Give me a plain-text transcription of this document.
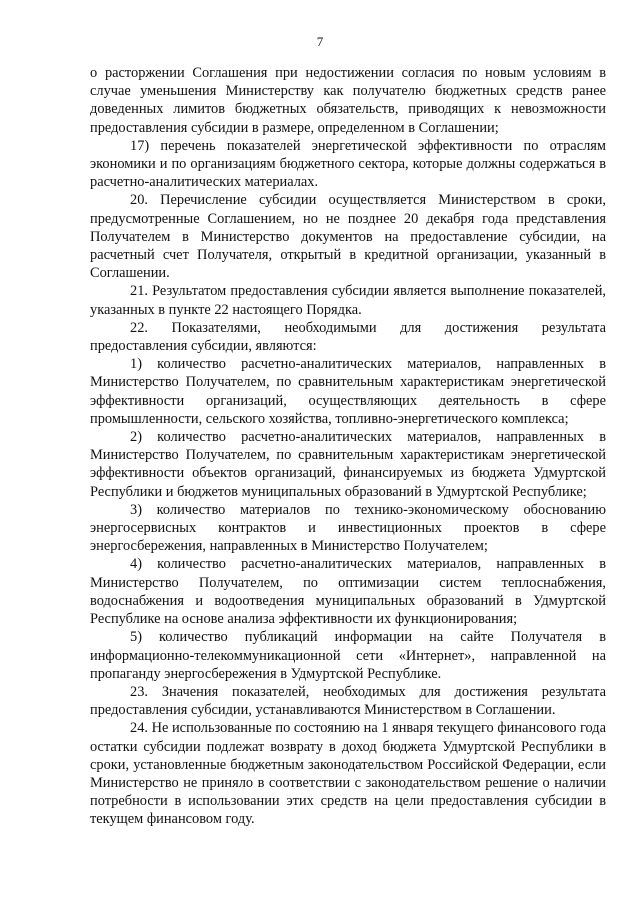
7

о расторжении Соглашения при недостижении согласия по новым условиям в случае уменьшения Министерству как получателю бюджетных средств ранее доведенных лимитов бюджетных обязательств, приводящих к невозможности предоставления субсидии в размере, определенном в Соглашении;

17) перечень показателей энергетической эффективности по отраслям экономики и по организациям бюджетного сектора, которые должны содержаться в расчетно-аналитических материалах.

20. Перечисление субсидии осуществляется Министерством в сроки, предусмотренные Соглашением, но не позднее 20 декабря года представления Получателем в Министерство документов на предоставление субсидии, на расчетный счет Получателя, открытый в кредитной организации, указанный в Соглашении.

21. Результатом предоставления субсидии является выполнение показателей, указанных в пункте 22 настоящего Порядка.

22. Показателями, необходимыми для достижения результата предоставления субсидии, являются:

1) количество расчетно-аналитических материалов, направленных в Министерство Получателем, по сравнительным характеристикам энергетической эффективности организаций, осуществляющих деятельность в сфере промышленности, сельского хозяйства, топливно-энергетического комплекса;

2) количество расчетно-аналитических материалов, направленных в Министерство Получателем, по сравнительным характеристикам энергетической эффективности объектов организаций, финансируемых из бюджета Удмуртской Республики и бюджетов муниципальных образований в Удмуртской Республике;

3) количество материалов по технико-экономическому обоснованию энергосервисных контрактов и инвестиционных проектов в сфере энергосбережения, направленных в Министерство Получателем;

4) количество расчетно-аналитических материалов, направленных в Министерство Получателем, по оптимизации систем теплоснабжения, водоснабжения и водоотведения муниципальных образований в Удмуртской Республике на основе анализа эффективности их функционирования;

5) количество публикаций информации на сайте Получателя в информационно-телекоммуникационной сети «Интернет», направленной на пропаганду энергосбережения в Удмуртской Республике.

23. Значения показателей, необходимых для достижения результата предоставления субсидии, устанавливаются Министерством в Соглашении.

24. Не использованные по состоянию на 1 января текущего финансового года остатки субсидии подлежат возврату в доход бюджета Удмуртской Республики в сроки, установленные бюджетным законодательством Российской Федерации, если Министерство не приняло в соответствии с законодательством решение о наличии потребности в использовании этих средств на цели предоставления субсидии в текущем финансовом году.
